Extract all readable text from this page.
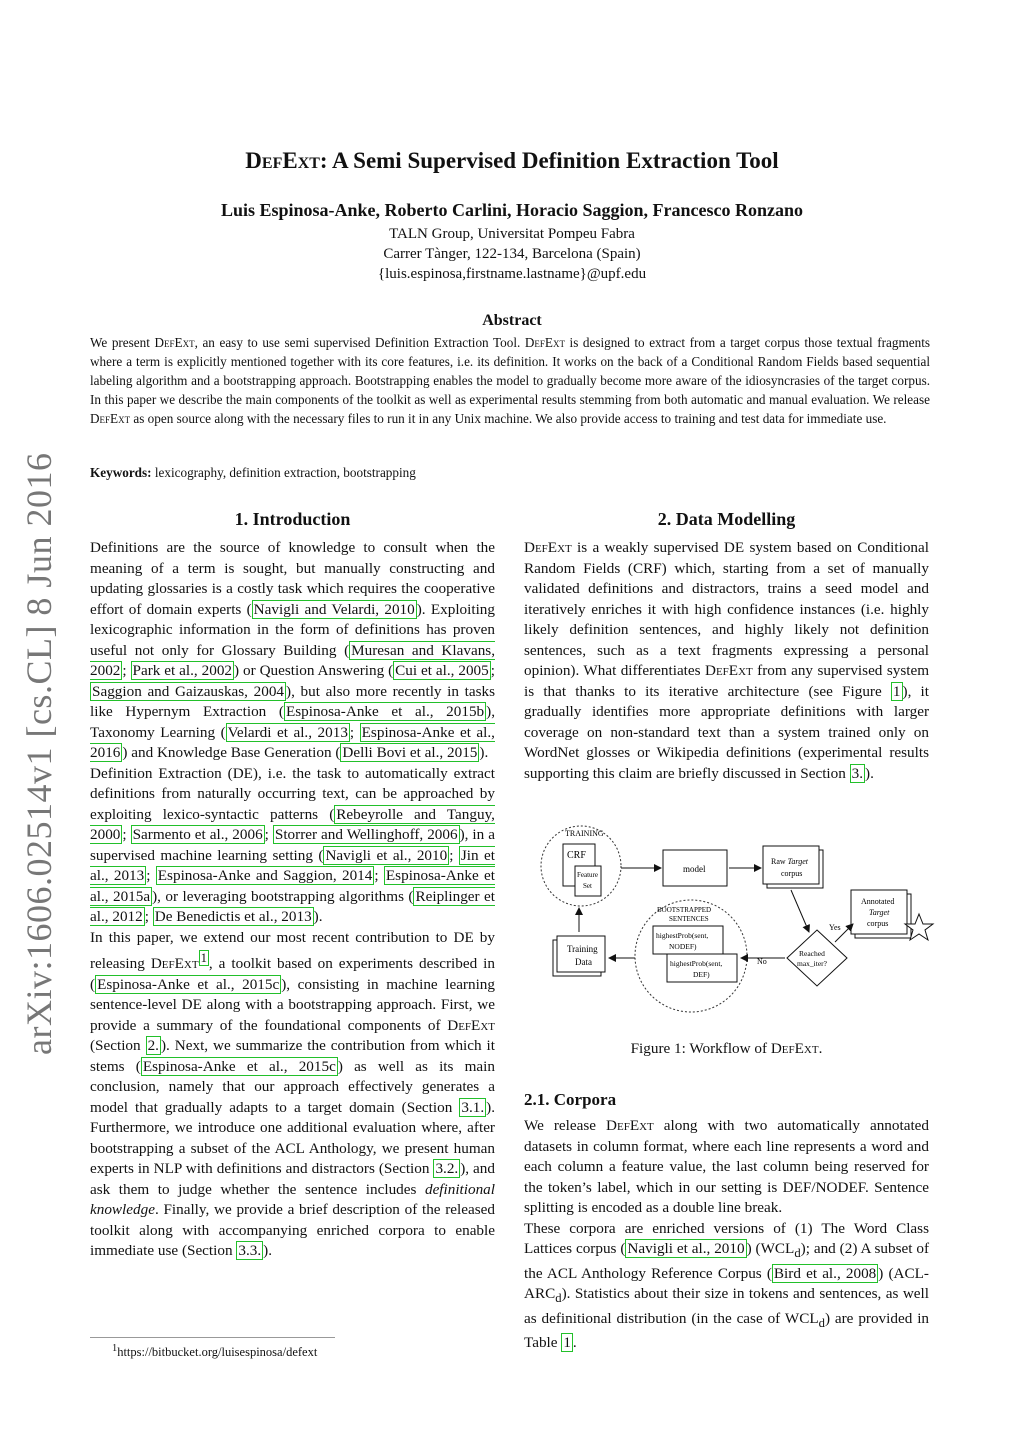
arXiv:1606.02514v1 [cs.CL] 8 Jun 2016
DefExt: A Semi Supervised Definition Extraction Tool
Luis Espinosa-Anke, Roberto Carlini, Horacio Saggion, Francesco Ronzano
TALN Group, Universitat Pompeu Fabra
Carrer Tànger, 122-134, Barcelona (Spain)
{luis.espinosa,firstname.lastname}@upf.edu
Abstract

We present DefExt, an easy to use semi supervised Definition Extraction Tool. DefExt is designed to extract from a target corpus those textual fragments where a term is explicitly mentioned together with its core features, i.e. its definition. It works on the back of a Conditional Random Fields based sequential labeling algorithm and a bootstrapping approach. Bootstrapping enables the model to gradually become more aware of the idiosyncrasies of the target corpus. In this paper we describe the main components of the toolkit as well as experimental results stemming from both automatic and manual evaluation. We release DefExt as open source along with the necessary files to run it in any Unix machine. We also provide access to training and test data for immediate use.

Keywords: lexicography, definition extraction, bootstrapping
1. Introduction

Definitions are the source of knowledge to consult when the meaning of a term is sought, but manually constructing and updating glossaries is a costly task which requires the cooperative effort of domain experts ( Navigli and Velardi, 2010 ). Exploiting lexicographic information in the form of definitions has proven useful not only for Glossary Building ( Muresan and Klavans, 2002 ; Park et al., 2002 ) or Question Answering ( Cui et al., 2005 ; Saggion and Gaizauskas, 2004 ), but also more recently in tasks like Hypernym Extraction ( Espinosa-Anke et al., 2015b ), Taxonomy Learning ( Velardi et al., 2013 ; Espinosa-Anke et al., 2016 ) and Knowledge Base Generation ( Delli Bovi et al., 2015 ).

Definition Extraction (DE), i.e. the task to automatically extract definitions from naturally occurring text, can be approached by exploiting lexico-syntactic patterns ( Rebeyrolle and Tanguy, 2000 ; Sarmento et al., 2006 ; Storrer and Wellinghoff, 2006 ), in a supervised machine learning setting ( Navigli et al., 2010 ; Jin et al., 2013 ; Espinosa-Anke and Saggion, 2014 ; Espinosa-Anke et al., 2015a ), or leveraging bootstrapping algorithms ( Reiplinger et al., 2012 ; De Benedictis et al., 2013 ).

In this paper, we extend our most recent contribution to DE by releasing DefExt $^1$ , a toolkit based on experiments described in ( Espinosa-Anke et al., 2015c ), consisting in machine learning sentence-level DE along with a bootstrapping approach. First, we provide a summary of the foundational components of DefExt (Section 2. ). Next, we summarize the contribution from which it stems ( Espinosa-Anke et al., 2015c ) as well as its main conclusion, namely that our approach effectively generates a model that gradually adapts to a target domain (Section 3.1. ). Furthermore, we introduce one additional evaluation where, after bootstrapping a subset of the ACL Anthology, we present human experts in NLP with definitions and distractors (Section 3.2. ), and ask them to judge whether the sentence includes definitional knowledge. Finally, we provide a brief description of the released toolkit along with accompanying enriched corpora to enable immediate use (Section 3.3. ).

$^1$https://bitbucket.org/luisespinosa/defext
2. Data Modelling

DefExt is a weakly supervised DE system based on Conditional Random Fields (CRF) which, starting from a set of manually validated definitions and distractors, trains a seed model and iteratively enriches it with high confidence instances (i.e. highly likely definition sentences, and highly likely not definition sentences, such as a text fragments expressing a personal opinion). What differentiates DefExt from any supervised system is that thanks to its iterative architecture (see Figure 1 ), it gradually identifies more appropriate definitions with larger coverage on non-standard text than a system trained only on WordNet glosses or Wikipedia definitions (experimental results supporting this claim are briefly discussed in Section 3. ).

TRAINING
CRF
Feature
Set
model
Raw Target
corpus
Annotated
Target
corpus
BOOTSTRAPPED
SENTENCES
highestProb(sent,
NODEF)
highestProb(sent,
DEF)
Training
Data
Reached
max_iter?
Yes
No
Figure 1: Workflow of DefExt.
2.1. Corpora

We release DefExt along with two automatically annotated datasets in column format, where each line represents a word and each column a feature value, the last column being reserved for the token’s label, which in our setting is DEF/NODEF. Sentence splitting is encoded as a double line break.

These corpora are enriched versions of (1) The Word Class Lattices corpus ( Navigli et al., 2010 ) $(WCL_d)$; and (2) A subset of the ACL Anthology Reference Corpus ( Bird et al., 2008 ) $(ACL-ARC_d)$. Statistics about their size in tokens and sentences, as well as definitional distribution (in the case of $WCL_d$) are provided in Table 1 .
